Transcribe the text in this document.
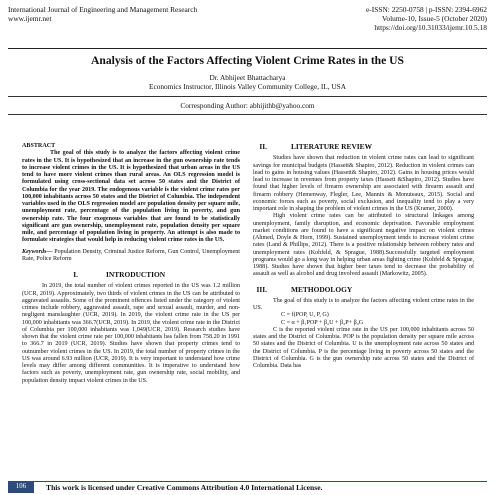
International Journal of Engineering and Management Research
www.ijemr.net
e-ISSN: 2250-0758 | p-ISSN: 2394-6962
Volume-10, Issue-5 (October 2020)
https://doi.org/10.31033/ijemr.10.5.18
Analysis of the Factors Affecting Violent Crime Rates in the US
Dr. Abhijeet Bhattacharya
Economics Instructor, Illinois Valley Community College, IL, USA
Corresponding Author: abhijithb@yahoo.com

ABSTRACT
The goal of this study is to analyze the factors affecting violent crime rates in the US. It is hypothesized that an increase in the gun ownership rate tends to increase violent crimes in the US. It is hypothesized that urban areas in the US tend to have more violent crimes than rural areas. An OLS regression model is formulated using cross-sectional data set across 50 states and the District of Columbia for the year 2019. The endogenous variable is the violent crime rates per 100,000 inhabitants across 50 states and the District of Columbia. The independent variables used in the OLS regression model are population density per square mile, unemployment rate, percentage of the population living in poverty, and gun ownership rate. The four exogenous variables that are found to be statistically significant are gun ownership, unemployment rate, population density per square mile, and percentage of population living in property. An attempt is also made to formulate strategies that would help in reducing violent crime rates in the US.

Keywords— Population Density, Criminal Justice Reform, Gun Control, Unemployment Rate, Police Reform

I.	INTRODUCTION

In 2019, the total number of violent crimes reported in the US was 1.2 million (UCR, 2019). Approximately, two thirds of violent crimes in the US can be attributed to aggravated assaults. Some of the prominent offences listed under the category of violent crimes include robbery, aggravated assault, rape and sexual assault, murder, and non-negligent manslaughter (UCR, 2019). In 2019, the violent crime rate in the US per 100,000 inhabitants was 366.7(UCR, 2019). In 2019, the violent crime rate in the District of Columbia per 100,000 inhabitants was 1,049(UCR, 2019). Research studies have shown that the violent crime rate per 100,000 inhabitants has fallen from 758.20 in 1991 to 366.7 in 2019 (UCR, 2019). Studies have shown that property crimes tend to outnumber violent crimes in the US. In 2019, the total number of property crimes in the US was around 6.93 million (UCR, 2019). It is very important to understand how crime levels may differ among different communities. It is imperative to understand how factors such as poverty, unemployment rate, gun ownership rate, social mobility, and population density impact violent crimes in the US.

II.	LITERATURE REVIEW

Studies have shown that reduction in violent crime rates can lead to significant savings for municipal budgets (Hassett& Shapiro, 2012). Reduction in violent crimes can lead to gains in housing values (Hassett& Shapiro, 2012). Gains in housing prices would lead to increase in revenues from property taxes (Hassett &Shapiro, 2012). Studies have found that higher levels of firearm ownership are associated with firearm assault and firearm robbery (Hemenway, Flegler, Lee, Mannix & Monuteaux, 2015). Social and economic forces such as poverty, social exclusion, and inequality tend to play a very important role in shaping the problem of violent crimes in the US (Kramer, 2000).

High violent crime rates can be attributed to structural linkages among unemployment, family disruption, and economic deprivation. Favorable employment market conditions are found to have a significant negative impact on violent crimes (Ahmed, Doyle & Horn, 1999). Sustained unemployment tends to increase violent crime rates (Land & Phillips, 2012). There is a positive relationship between robbery rates and unemployment rates (Kohfeld, & Sprague, 1988).Successfully targeted employment programs would go a long way in helping urban areas fighting crime (Kohfeld & Sprague, 1988). Studies have shown that higher beer taxes tend to decrease the probability of assault as well as alcohol and drug involved assault (Markowitz, 2005).

III.	METHODOLOGY

The goal of this study is to analyze the factors affecting violent crime rates in the US.

C = f(POP, U, P, G)

C = α + β₁POP + β₂U + β₃P+ β₄G

C is the reported violent crime rate in the US per 100,000 inhabitants across 50 states and the District of Columbia. POP is the population density per square mile across 50 states and the District of Columbia. U is the unemployment rate across 50 states and the District of Columbia. P is the percentage living in poverty across 50 states and the District of Columbia. G is the gun ownership rate across 50 states and the District of Columbia. Data has

106	This work is licensed under Creative Commons Attribution 4.0 International License.
